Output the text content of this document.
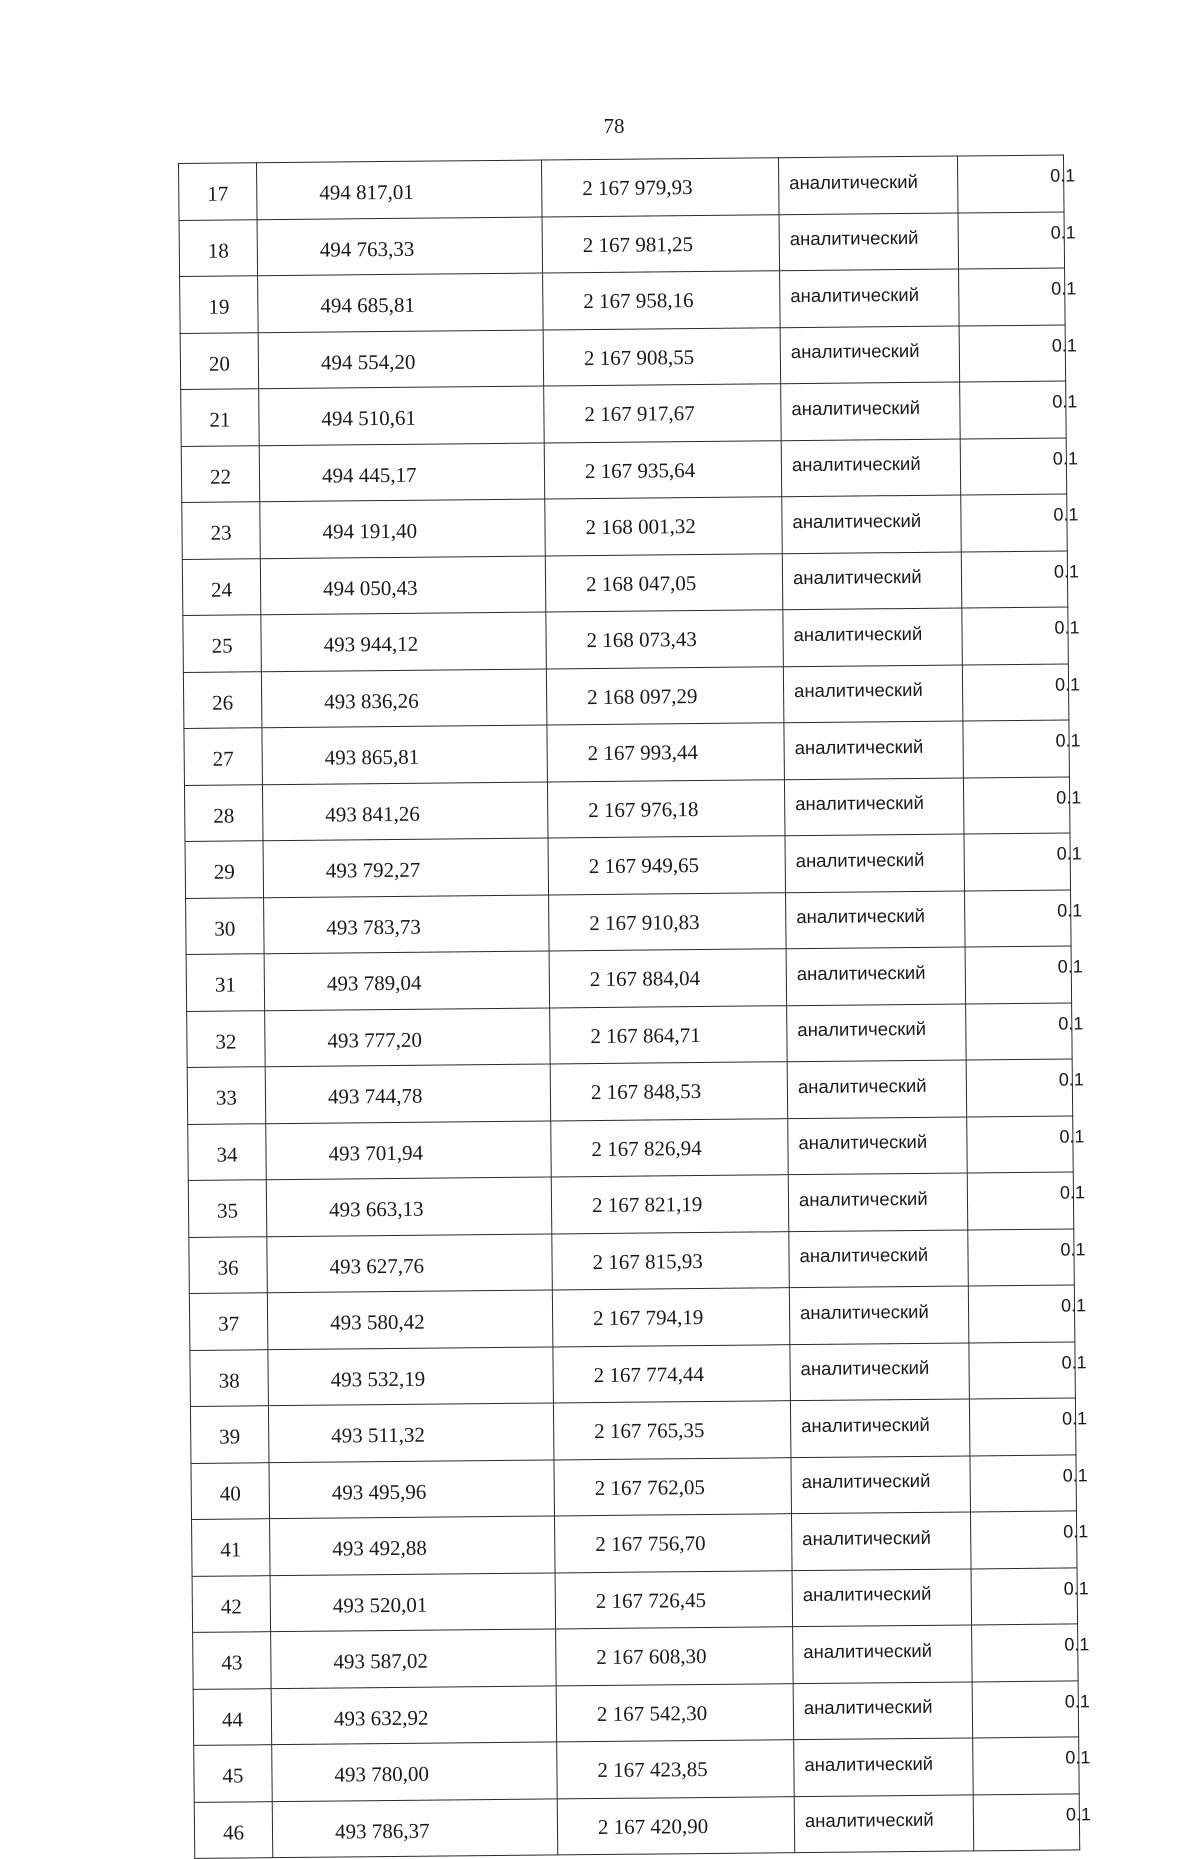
78
17	494 817,01	2 167 979,93	аналитический	0.1
18	494 763,33	2 167 981,25	аналитический	0.1
19	494 685,81	2 167 958,16	аналитический	0.1
20	494 554,20	2 167 908,55	аналитический	0.1
21	494 510,61	2 167 917,67	аналитический	0.1
22	494 445,17	2 167 935,64	аналитический	0.1
23	494 191,40	2 168 001,32	аналитический	0.1
24	494 050,43	2 168 047,05	аналитический	0.1
25	493 944,12	2 168 073,43	аналитический	0.1
26	493 836,26	2 168 097,29	аналитический	0.1
27	493 865,81	2 167 993,44	аналитический	0.1
28	493 841,26	2 167 976,18	аналитический	0.1
29	493 792,27	2 167 949,65	аналитический	0.1
30	493 783,73	2 167 910,83	аналитический	0.1
31	493 789,04	2 167 884,04	аналитический	0.1
32	493 777,20	2 167 864,71	аналитический	0.1
33	493 744,78	2 167 848,53	аналитический	0.1
34	493 701,94	2 167 826,94	аналитический	0.1
35	493 663,13	2 167 821,19	аналитический	0.1
36	493 627,76	2 167 815,93	аналитический	0.1
37	493 580,42	2 167 794,19	аналитический	0.1
38	493 532,19	2 167 774,44	аналитический	0.1
39	493 511,32	2 167 765,35	аналитический	0.1
40	493 495,96	2 167 762,05	аналитический	0.1
41	493 492,88	2 167 756,70	аналитический	0.1
42	493 520,01	2 167 726,45	аналитический	0.1
43	493 587,02	2 167 608,30	аналитический	0.1
44	493 632,92	2 167 542,30	аналитический	0.1
45	493 780,00	2 167 423,85	аналитический	0.1
46	493 786,37	2 167 420,90	аналитический	0.1
